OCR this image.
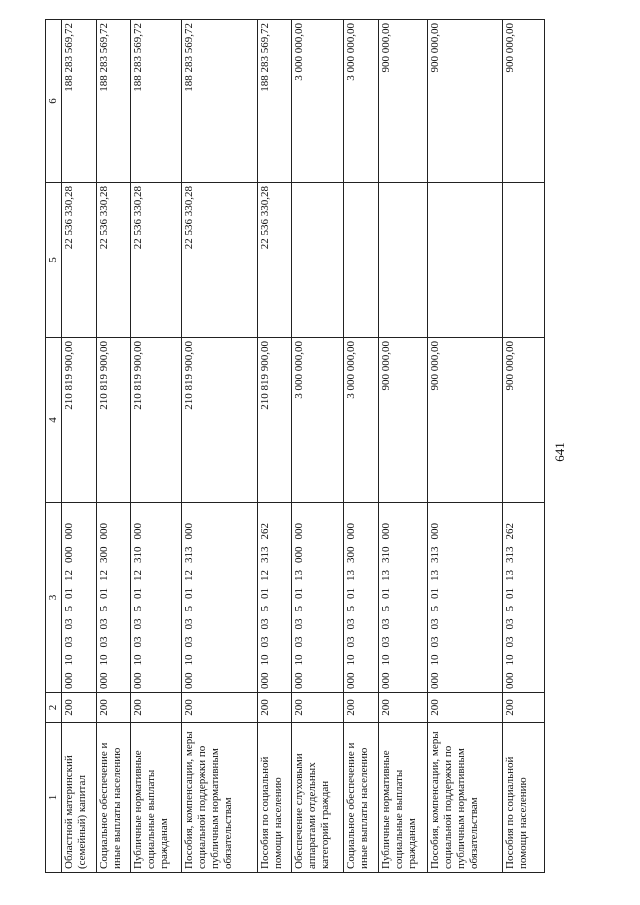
641
1	2	3	4	5	6
Областной материнский (семейный) капитал	200	00010030350112000000	210 819 900,00	22 536 330,28	188 283 569,72
Социальное обеспечение и иные выплаты населению	200	00010030350112300000	210 819 900,00	22 536 330,28	188 283 569,72
Публичные нормативные социальные выплаты гражданам	200	00010030350112310000	210 819 900,00	22 536 330,28	188 283 569,72
Пособия, компенсации, меры социальной поддержки по публичным нормативным обязательствам	200	00010030350112313000	210 819 900,00	22 536 330,28	188 283 569,72
Пособия по социальной помощи населению	200	00010030350112313262	210 819 900,00	22 536 330,28	188 283 569,72
Обеспечение слуховыми аппаратами отдельных категорий граждан	200	00010030350113000000	3 000 000,00		3 000 000,00
Социальное обеспечение и иные выплаты населению	200	00010030350113300000	3 000 000,00		3 000 000,00
Публичные нормативные социальные выплаты гражданам	200	00010030350113310000	900 000,00		900 000,00
Пособия, компенсации, меры социальной поддержки по публичным нормативным обязательствам	200	00010030350113313000	900 000,00		900 000,00
Пособия по социальной помощи населению	200	00010030350113313262	900 000,00		900 000,00
